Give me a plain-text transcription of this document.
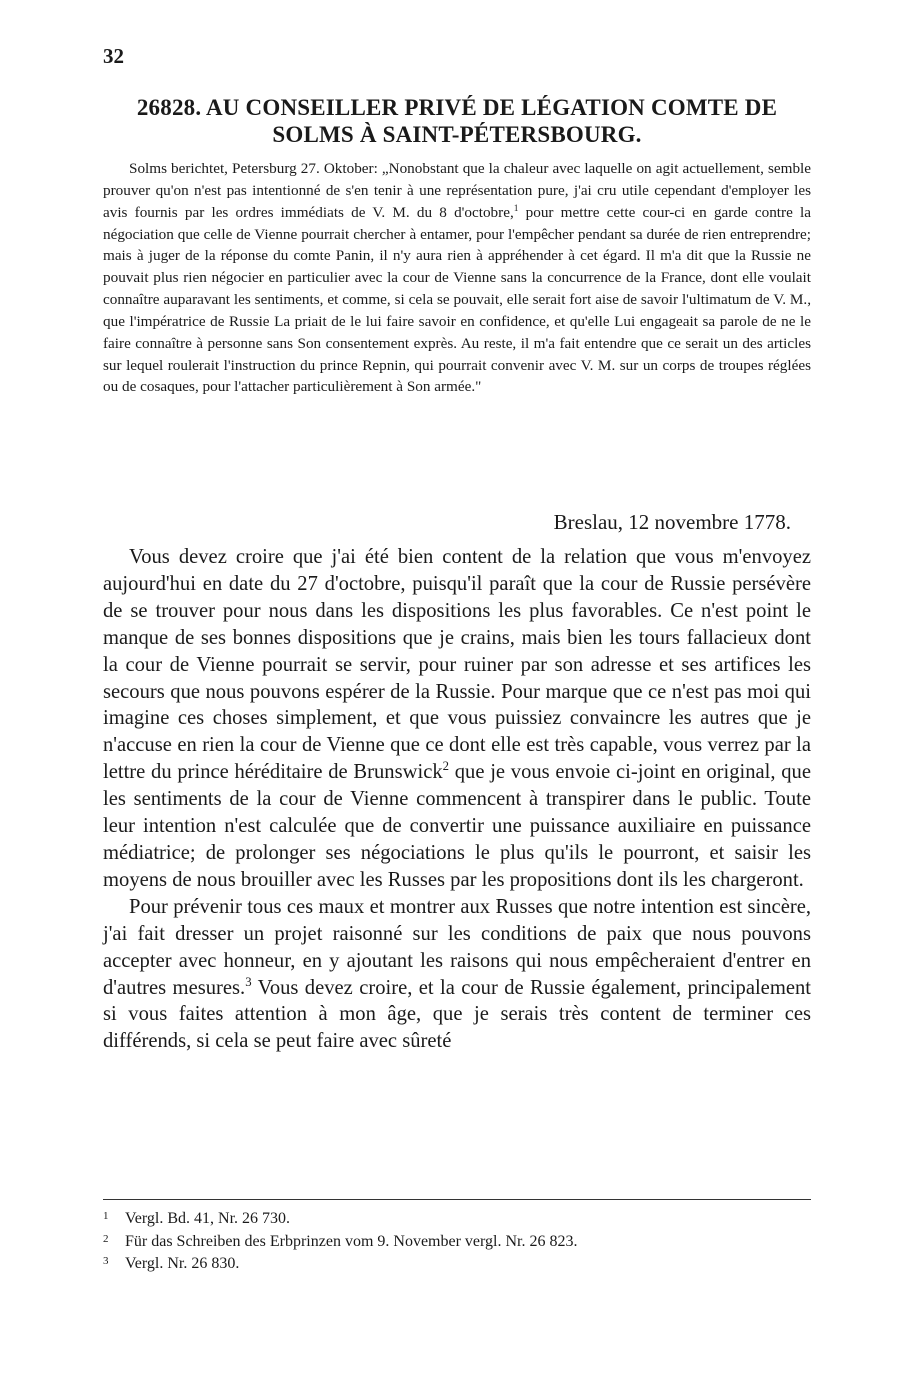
32
26828. AU CONSEILLER PRIVÉ DE LÉGATION COMTE DE
SOLMS À SAINT-PÉTERSBOURG.
Solms berichtet, Petersburg 27. Oktober: „Nonobstant que la chaleur avec laquelle on agit actuellement, semble prouver qu'on n'est pas intentionné de s'en tenir à une représentation pure, j'ai cru utile cependant d'employer les avis fournis par les ordres immédiats de V. M. du 8 d'octobre,$^1$ pour mettre cette cour-ci en garde contre la négociation que celle de Vienne pourrait chercher à entamer, pour l'empêcher pendant sa durée de rien entreprendre; mais à juger de la réponse du comte Panin, il n'y aura rien à appréhender à cet égard. Il m'a dit que la Russie ne pouvait plus rien négocier en particulier avec la cour de Vienne sans la concurrence de la France, dont elle voulait connaître auparavant les sentiments, et comme, si cela se pouvait, elle serait fort aise de savoir l'ultimatum de V. M., que l'impératrice de Russie La priait de le lui faire savoir en confidence, et qu'elle Lui engageait sa parole de ne le faire connaître à personne sans Son consentement exprès. Au reste, il m'a fait entendre que ce serait un des articles sur lequel roulerait l'instruction du prince Repnin, qui pourrait convenir avec V. M. sur un corps de troupes réglées ou de cosaques, pour l'attacher particulièrement à Son armée."
Breslau, 12 novembre 1778.

Vous devez croire que j'ai été bien content de la relation que vous m'envoyez aujourd'hui en date du 27 d'octobre, puisqu'il paraît que la cour de Russie persévère de se trouver pour nous dans les dispositions les plus favorables. Ce n'est point le manque de ses bonnes dispositions que je crains, mais bien les tours fallacieux dont la cour de Vienne pourrait se servir, pour ruiner par son adresse et ses artifices les secours que nous pouvons espérer de la Russie. Pour marque que ce n'est pas moi qui imagine ces choses simplement, et que vous puissiez convaincre les autres que je n'accuse en rien la cour de Vienne que ce dont elle est très capable, vous verrez par la lettre du prince héréditaire de Brunswick$^2$ que je vous envoie ci-joint en original, que les sentiments de la cour de Vienne commencent à transpirer dans le public. Toute leur intention n'est calculée que de convertir une puissance auxiliaire en puissance médiatrice; de prolonger ses négociations le plus qu'ils le pourront, et saisir les moyens de nous brouiller avec les Russes par les propositions dont ils les chargeront.

Pour prévenir tous ces maux et montrer aux Russes que notre intention est sincère, j'ai fait dresser un projet raisonné sur les conditions de paix que nous pouvons accepter avec honneur, en y ajoutant les raisons qui nous empêcheraient d'entrer en d'autres mesures.$^3$ Vous devez croire, et la cour de Russie également, principalement si vous faites attention à mon âge, que je serais très content de terminer ces différends, si cela se peut faire avec sûreté

1	Vergl. Bd. 41, Nr. 26 730.
2	Für das Schreiben des Erbprinzen vom 9. November vergl. Nr. 26 823.
3	Vergl. Nr. 26 830.
